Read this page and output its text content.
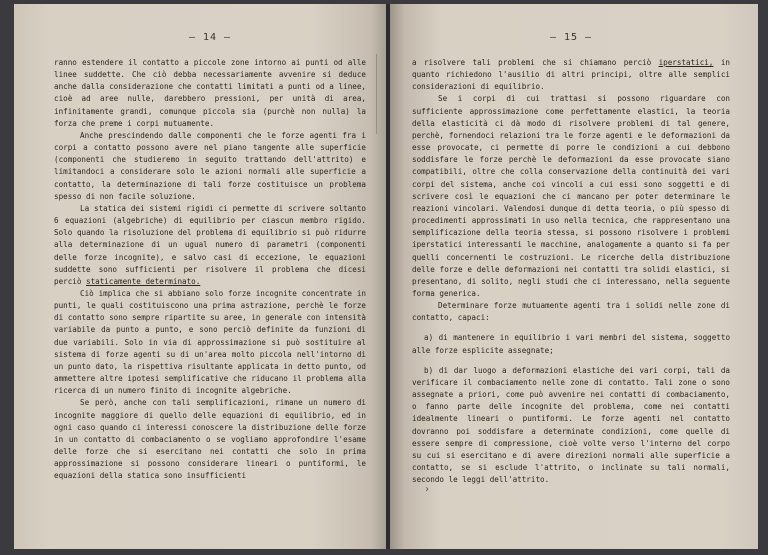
— 14 —

ranno estendere il contatto a piccole zone intorno ai punti od alle linee suddette. Che ciò debba necessariamente avvenire si deduce anche dalla considerazione che contatti limitati a punti od a linee, cioè ad aree nulle, darebbero pressioni, per unità di area, infinitamente grandi, comunque piccola sia (purchè non nulla) la forza che preme i corpi mutuamente.

Anche prescindendo dalle componenti che le forze agenti fra i corpi a contatto possono avere nel piano tangente alle superficie (componenti che studieremo in seguito trattando dell'attrito) e limitandoci a considerare solo le azioni normali alle superficie a contatto, la determinazione di tali forze costituisce un problema spesso di non facile soluzione.

La statica dei sistemi rigidi ci permette di scrivere soltanto 6 equazioni (algebriche) di equilibrio per ciascun membro rigido. Solo quando la risoluzione del problema di equilibrio si può ridurre alla determinazione di un ugual numero di parametri (componenti delle forze incognite), e salvo casi di eccezione, le equazioni suddette sono sufficienti per risolvere il problema che dicesi perciò staticamente determinato.

Ciò implica che si abbiano solo forze incognite concentrate in punti, le quali costituiscono una prima astrazione, perchè le forze di contatto sono sempre ripartite su aree, in generale con intensità variabile da punto a punto, e sono perciò definite da funzioni di due variabili. Solo in via di approssimazione si può sostituire al sistema di forze agenti su di un'area molto piccola nell'intorno di un punto dato, la rispettiva risultante applicata in detto punto, od ammettere altre ipotesi semplificative che riducano il problema alla ricerca di un numero finito di incognite algebriche.

Se però, anche con tali semplificazioni, rimane un numero di incognite maggiore di quello delle equazioni di equilibrio, ed in ogni caso quando ci interessi conoscere la distribuzione delle forze in un contatto di combaciamento o se vogliamo approfondire l'esame delle forze che si esercitano nei contatti che solo in prima approssimazione si possono considerare lineari o puntiformi, le equazioni della statica sono insufficienti

— 15 —

a risolvere tali problemi che si chiamano perciò iperstatici, in quanto richiedono l'ausilio di altri principi, oltre alle semplici considerazioni di equilibrio.

Se i corpi di cui trattasi si possono riguardare con sufficiente approssimazione come perfettamente elastici, la teoria della elasticità ci dà modo di risolvere problemi di tal genere, perchè, fornendoci relazioni tra le forze agenti e le deformazioni da esse provocate, ci permette di porre le condizioni a cui debbono soddisfare le forze perchè le deformazioni da esse provocate siano compatibili, oltre che colla conservazione della continuità dei vari corpi del sistema, anche coi vincoli a cui essi sono soggetti e di scrivere così le equazioni che ci mancano per poter determinare le reazioni vincolari. Valendosi dunque di detta teoria, o più spesso di procedimenti approssimati in uso nella tecnica, che rappresentano una semplificazione della teoria stessa, si possono risolvere i problemi iperstatici interessanti le macchine, analogamente a quanto si fa per quelli concernenti le costruzioni. Le ricerche della distribuzione delle forze e delle deformazioni nei contatti tra solidi elastici, si presentano, di solito, negli studi che ci interessano, nella seguente forma generica.

Determinare forze mutuamente agenti tra i solidi nelle zone di contatto, capaci:

a) di mantenere in equilibrio i vari membri del sistema, soggetto alle forze esplicite assegnate;

b) di dar luogo a deformazioni elastiche dei vari corpi, tali da verificare il combaciamento nelle zone di contatto. Tali zone o sono assegnate a priori, come può avvenire nei contatti di combaciamento, o fanno parte delle incognite del problema, come nei contatti idealmente lineari o puntiformi. Le forze agenti nel contatto dovranno poi soddisfare a determinate condizioni, come quelle di essere sempre di compressione, cioè volte verso l'interno del corpo su cui si esercitano e di avere direzioni normali alle superficie a contatto, se si esclude l'attrito, o inclinate su tali normali, secondo le leggi dell'attrito.

›
